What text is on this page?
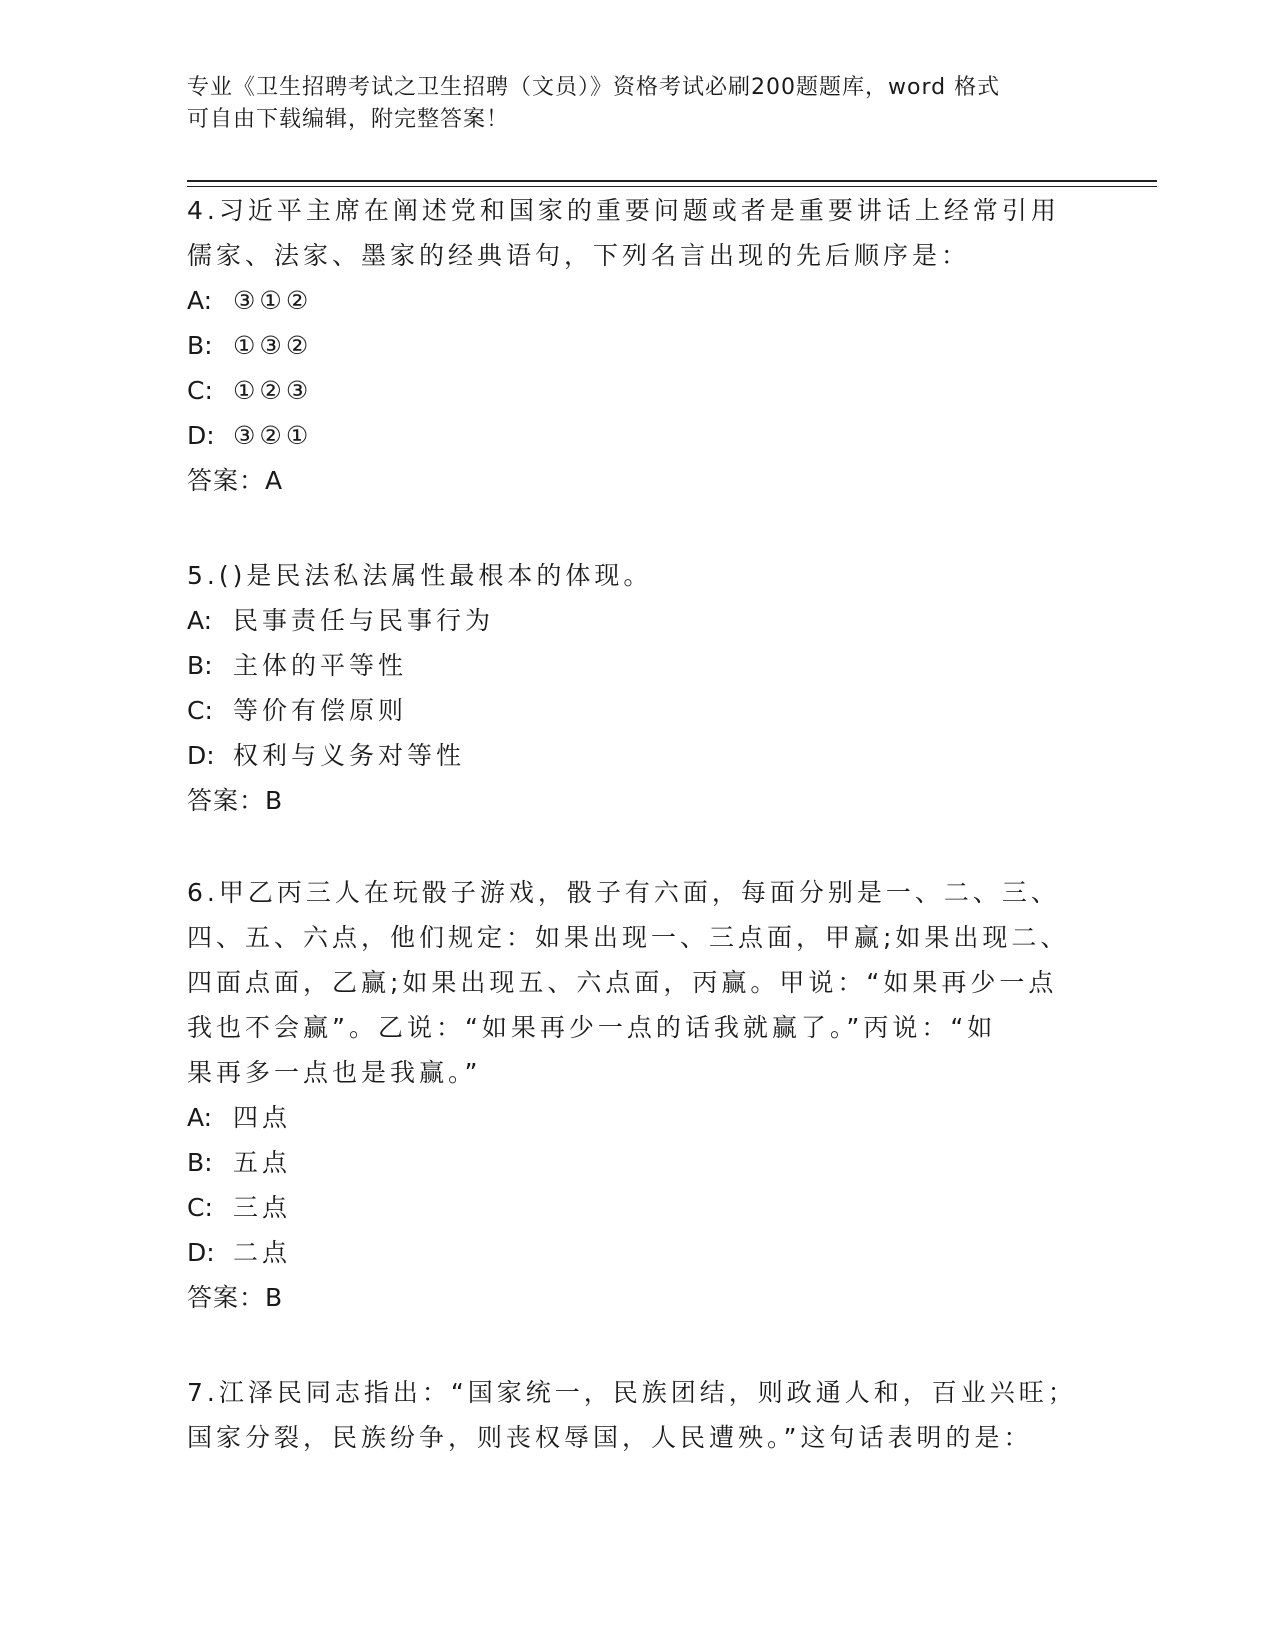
专业《卫生招聘考试之卫生招聘（文员）》资格考试必刷200题题库，word 格式
可自由下载编辑，附完整答案！
4.习近平主席在阐述党和国家的重要问题或者是重要讲话上经常引用
儒家、法家、墨家的经典语句，下列名言出现的先后顺序是：
A: ③①②
B: ①③②
C: ①②③
D: ③②①
答案：A
5.()是民法私法属性最根本的体现。
A: 民事责任与民事行为
B: 主体的平等性
C: 等价有偿原则
D: 权利与义务对等性
答案：B
6.甲乙丙三人在玩骰子游戏，骰子有六面，每面分别是一、二、三、
四、五、六点，他们规定：如果出现一、三点面，甲赢;如果出现二、
四面点面，乙赢;如果出现五、六点面，丙赢。甲说：“如果再少一点
我也不会赢”。乙说：“如果再少一点的话我就赢了。”丙说：“如
果再多一点也是我赢。”
A: 四点
B: 五点
C: 三点
D: 二点
答案：B
7.江泽民同志指出：“国家统一，民族团结，则政通人和，百业兴旺；
国家分裂，民族纷争，则丧权辱国，人民遭殃。”这句话表明的是：
